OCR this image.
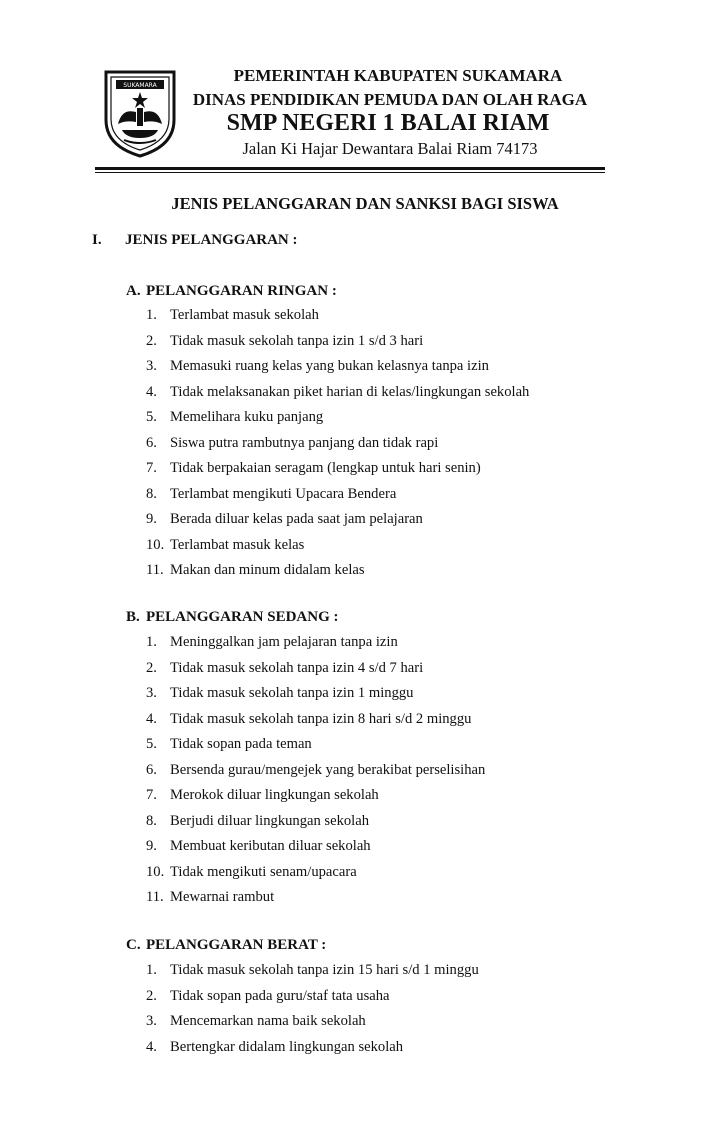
SUKAMARA
PEMERINTAH KABUPATEN SUKAMARA
DINAS PENDIDIKAN PEMUDA DAN OLAH RAGA
SMP NEGERI 1 BALAI RIAM
Jalan Ki Hajar Dewantara Balai Riam 74173
JENIS PELANGGARAN DAN SANKSI BAGI SISWA
I. JENIS PELANGGARAN :
A. PELANGGARAN RINGAN :
1. Terlambat masuk sekolah
2. Tidak masuk sekolah tanpa izin 1 s/d 3 hari
3. Memasuki ruang kelas yang bukan kelasnya tanpa izin
4. Tidak melaksanakan piket harian di kelas/lingkungan sekolah
5. Memelihara kuku panjang
6. Siswa putra rambutnya panjang dan tidak rapi
7. Tidak berpakaian seragam (lengkap untuk hari senin)
8. Terlambat mengikuti Upacara Bendera
9. Berada diluar kelas pada saat jam pelajaran
10. Terlambat masuk kelas
11. Makan dan minum didalam kelas
B. PELANGGARAN SEDANG :
1. Meninggalkan jam pelajaran tanpa izin
2. Tidak masuk sekolah tanpa izin 4 s/d 7 hari
3. Tidak masuk sekolah tanpa izin 1 minggu
4. Tidak masuk sekolah tanpa izin 8 hari s/d 2 minggu
5. Tidak sopan pada teman
6. Bersenda gurau/mengejek yang berakibat perselisihan
7. Merokok diluar lingkungan sekolah
8. Berjudi diluar lingkungan sekolah
9. Membuat keributan diluar sekolah
10. Tidak mengikuti senam/upacara
11. Mewarnai rambut
C. PELANGGARAN BERAT :
1. Tidak masuk sekolah tanpa izin 15 hari s/d 1 minggu
2. Tidak sopan pada guru/staf tata usaha
3. Mencemarkan nama baik sekolah
4. Bertengkar didalam lingkungan sekolah
